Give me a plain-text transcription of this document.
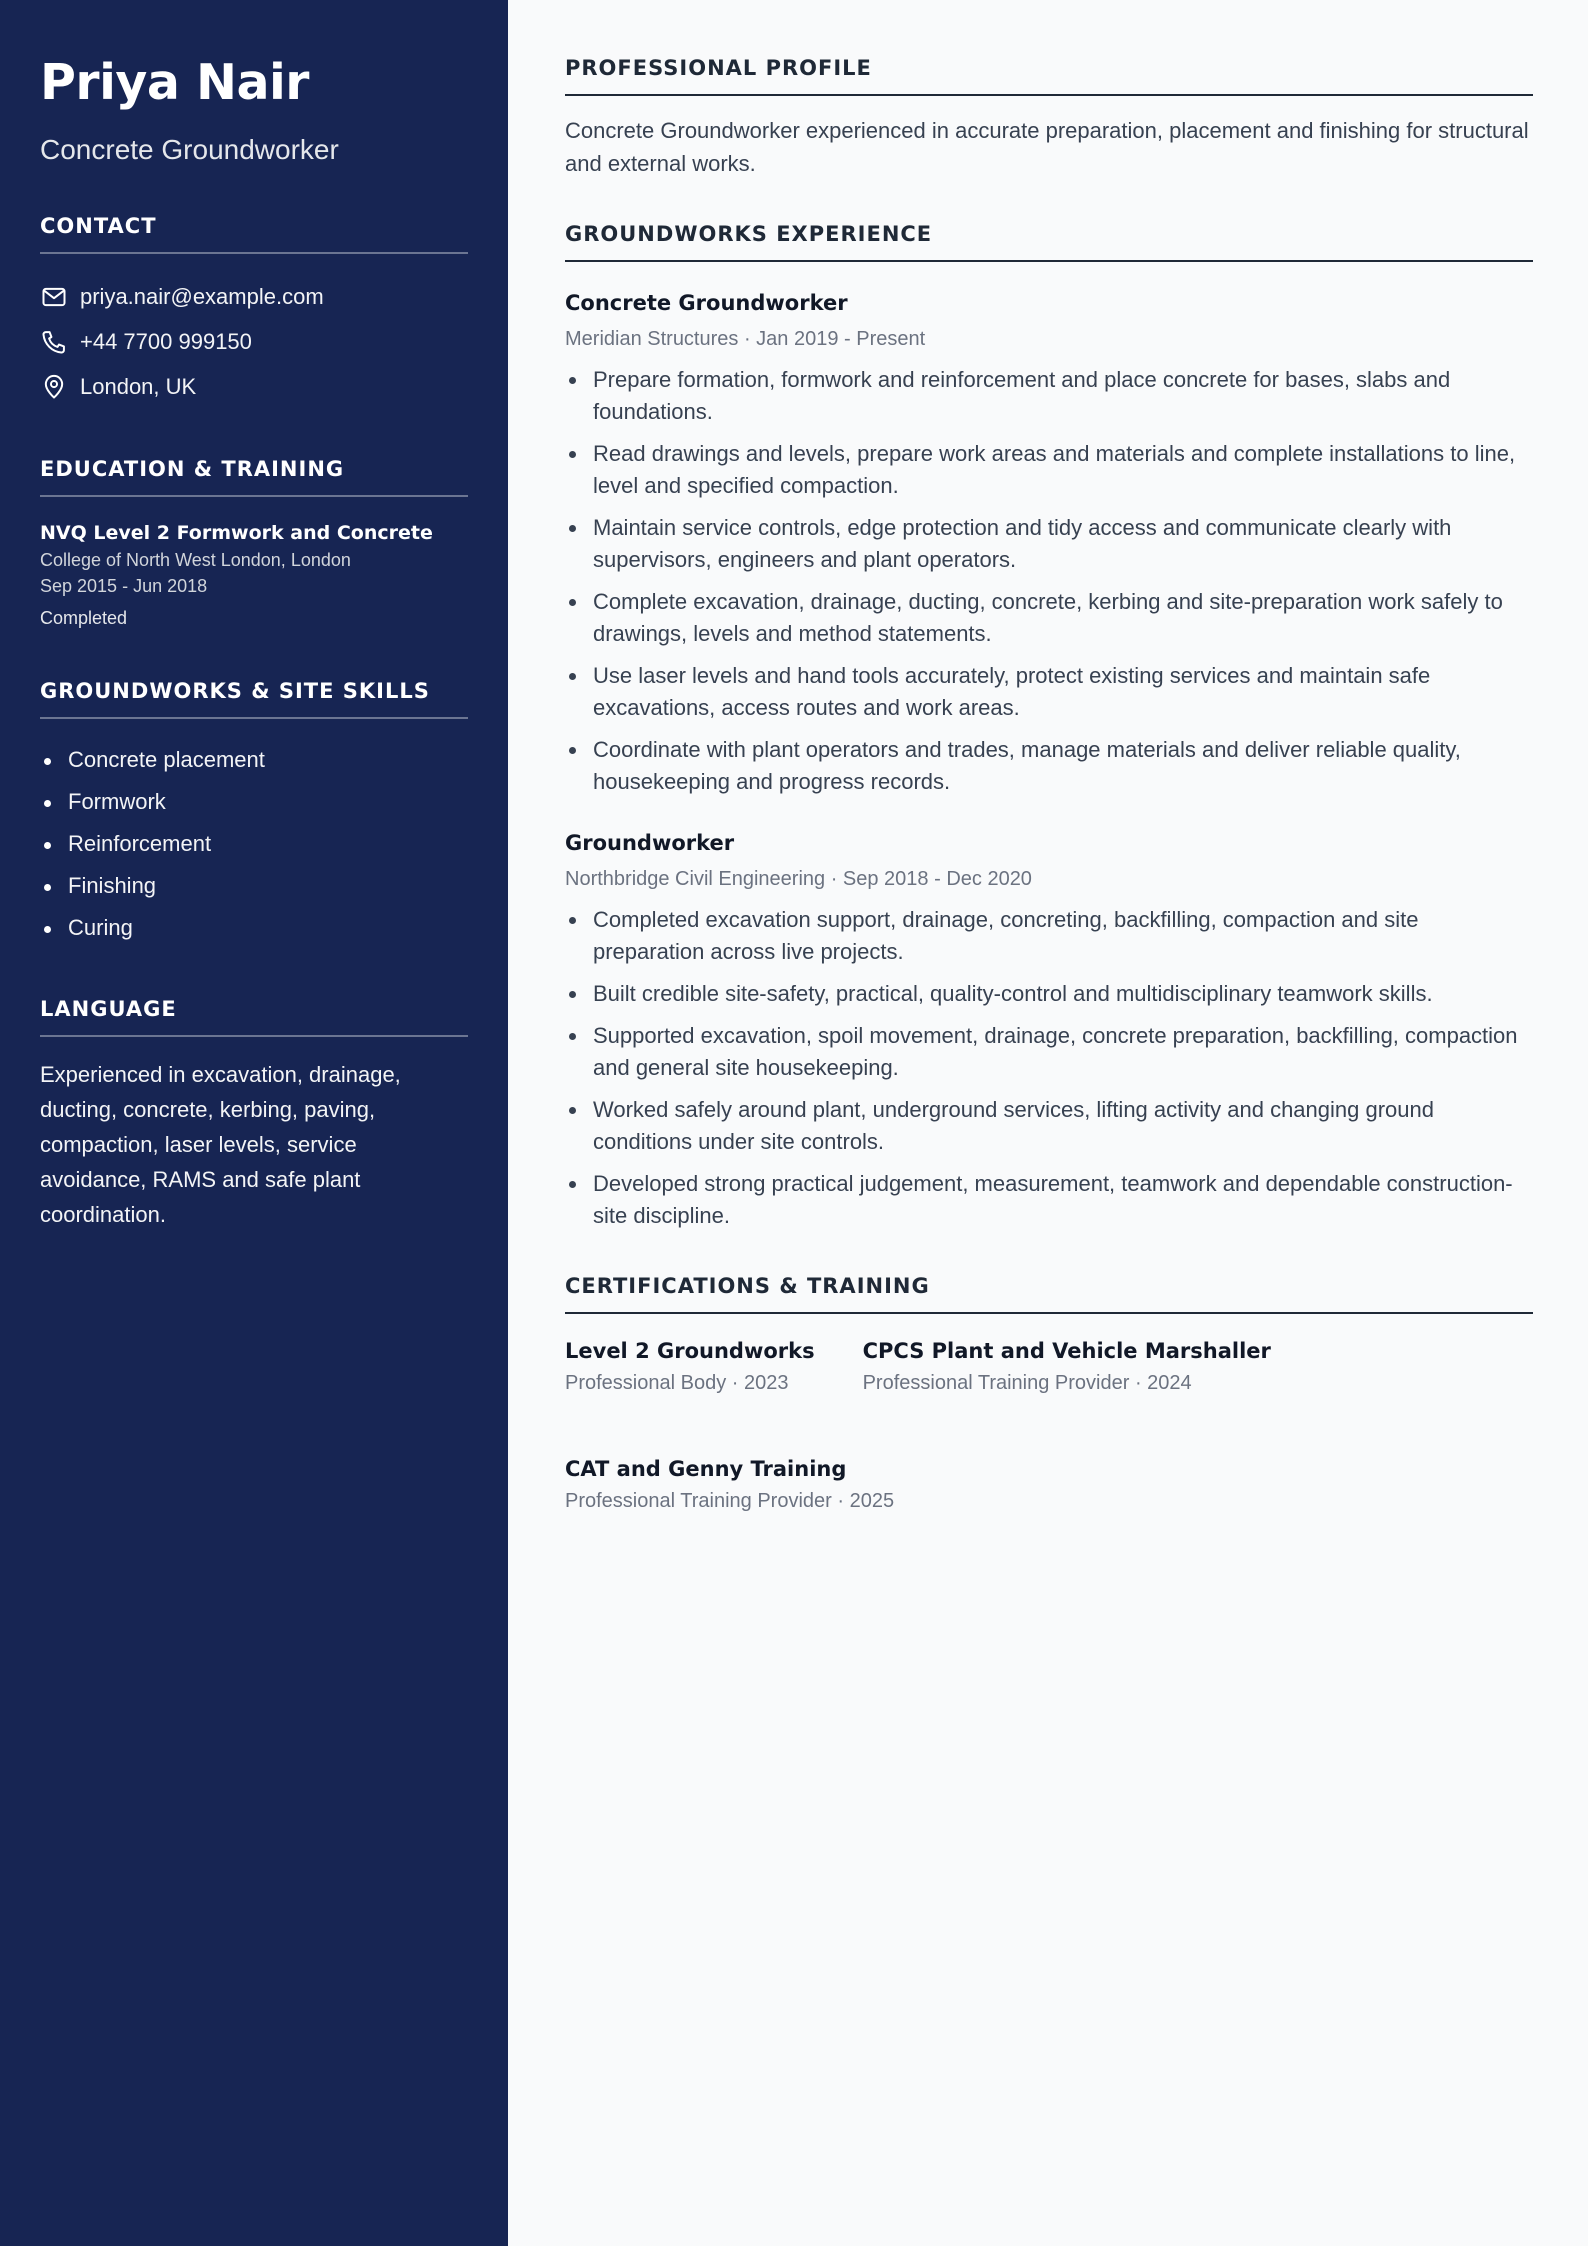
Priya Nair
Concrete Groundworker
CONTACT
priya.nair@example.com
+44 7700 999150
London, UK
EDUCATION & TRAINING
NVQ Level 2 Formwork and Concrete
College of North West London, London
Sep 2015 - Jun 2018
Completed
GROUNDWORKS & SITE SKILLS
Concrete placement
Formwork
Reinforcement
Finishing
Curing
LANGUAGE

Experienced in excavation, drainage, ducting, concrete, kerbing, paving, compaction, laser levels, service avoidance, RAMS and safe plant coordination.

PROFESSIONAL PROFILE

Concrete Groundworker experienced in accurate preparation, placement and finishing for structural and external works.

GROUNDWORKS EXPERIENCE
Concrete Groundworker
Meridian Structures · Jan 2019 - Present
Prepare formation, formwork and reinforcement and place concrete for bases, slabs and foundations.
Read drawings and levels, prepare work areas and materials and complete installations to line, level and specified compaction.
Maintain service controls, edge protection and tidy access and communicate clearly with supervisors, engineers and plant operators.
Complete excavation, drainage, ducting, concrete, kerbing and site-preparation work safely to drawings, levels and method statements.
Use laser levels and hand tools accurately, protect existing services and maintain safe excavations, access routes and work areas.
Coordinate with plant operators and trades, manage materials and deliver reliable quality, housekeeping and progress records.
Groundworker
Northbridge Civil Engineering · Sep 2018 - Dec 2020
Completed excavation support, drainage, concreting, backfilling, compaction and site preparation across live projects.
Built credible site-safety, practical, quality-control and multidisciplinary teamwork skills.
Supported excavation, spoil movement, drainage, concrete preparation, backfilling, compaction and general site housekeeping.
Worked safely around plant, underground services, lifting activity and changing ground conditions under site controls.
Developed strong practical judgement, measurement, teamwork and dependable construction-site discipline.
CERTIFICATIONS & TRAINING
Level 2 Groundworks
Professional Body · 2023
CPCS Plant and Vehicle Marshaller
Professional Training Provider · 2024
CAT and Genny Training
Professional Training Provider · 2025
